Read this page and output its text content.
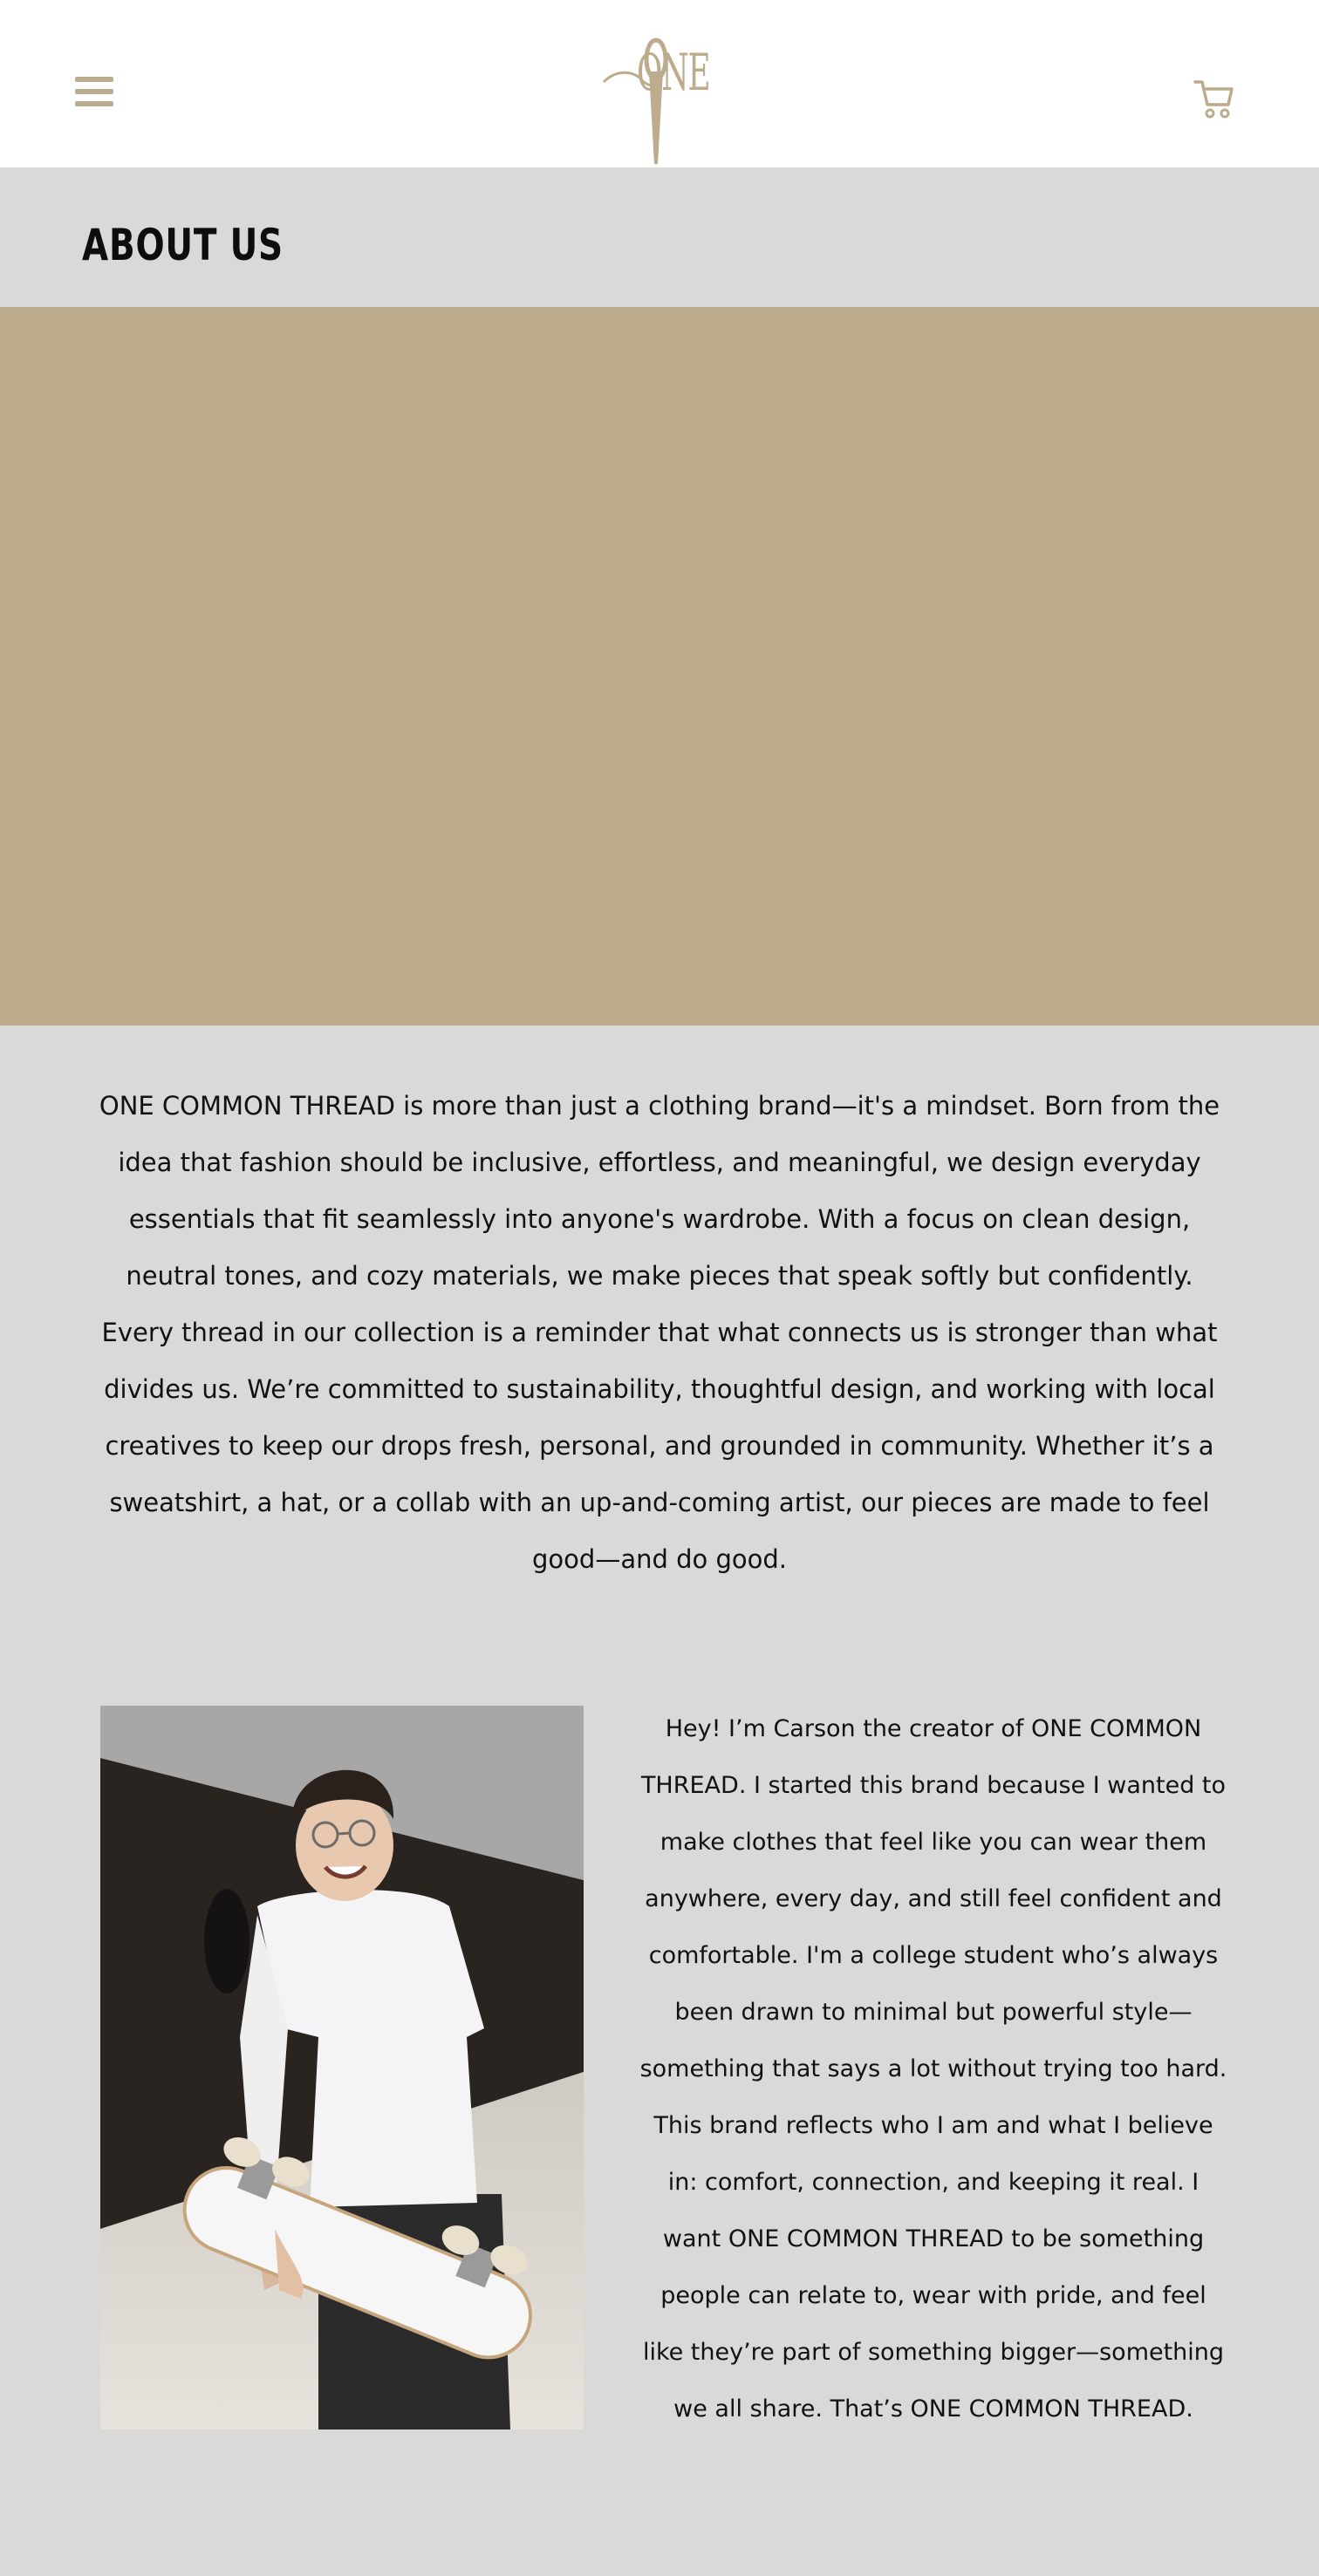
ONE
ABOUT US

ONE COMMON THREAD is more than just a clothing brand—it's a mindset. Born from the idea that fashion should be inclusive, effortless, and meaningful, we design everyday essentials that fit seamlessly into anyone's wardrobe. With a focus on clean design, neutral tones, and cozy materials, we make pieces that speak softly but confidently. Every thread in our collection is a reminder that what connects us is stronger than what divides us. We’re committed to sustainability, thoughtful design, and working with local creatives to keep our drops fresh, personal, and grounded in community. Whether it’s a sweatshirt, a hat, or a collab with an up-and-coming artist, our pieces are made to feel good—and do good.

Hey! I’m Carson the creator of ONE COMMON THREAD. I started this brand because I wanted to make clothes that feel like you can wear them anywhere, every day, and still feel confident and comfortable. I'm a college student who’s always been drawn to minimal but powerful style—something that says a lot without trying too hard. This brand reflects who I am and what I believe in: comfort, connection, and keeping it real. I want ONE COMMON THREAD to be something people can relate to, wear with pride, and feel like they’re part of something bigger—something we all share. That’s ONE COMMON THREAD.
